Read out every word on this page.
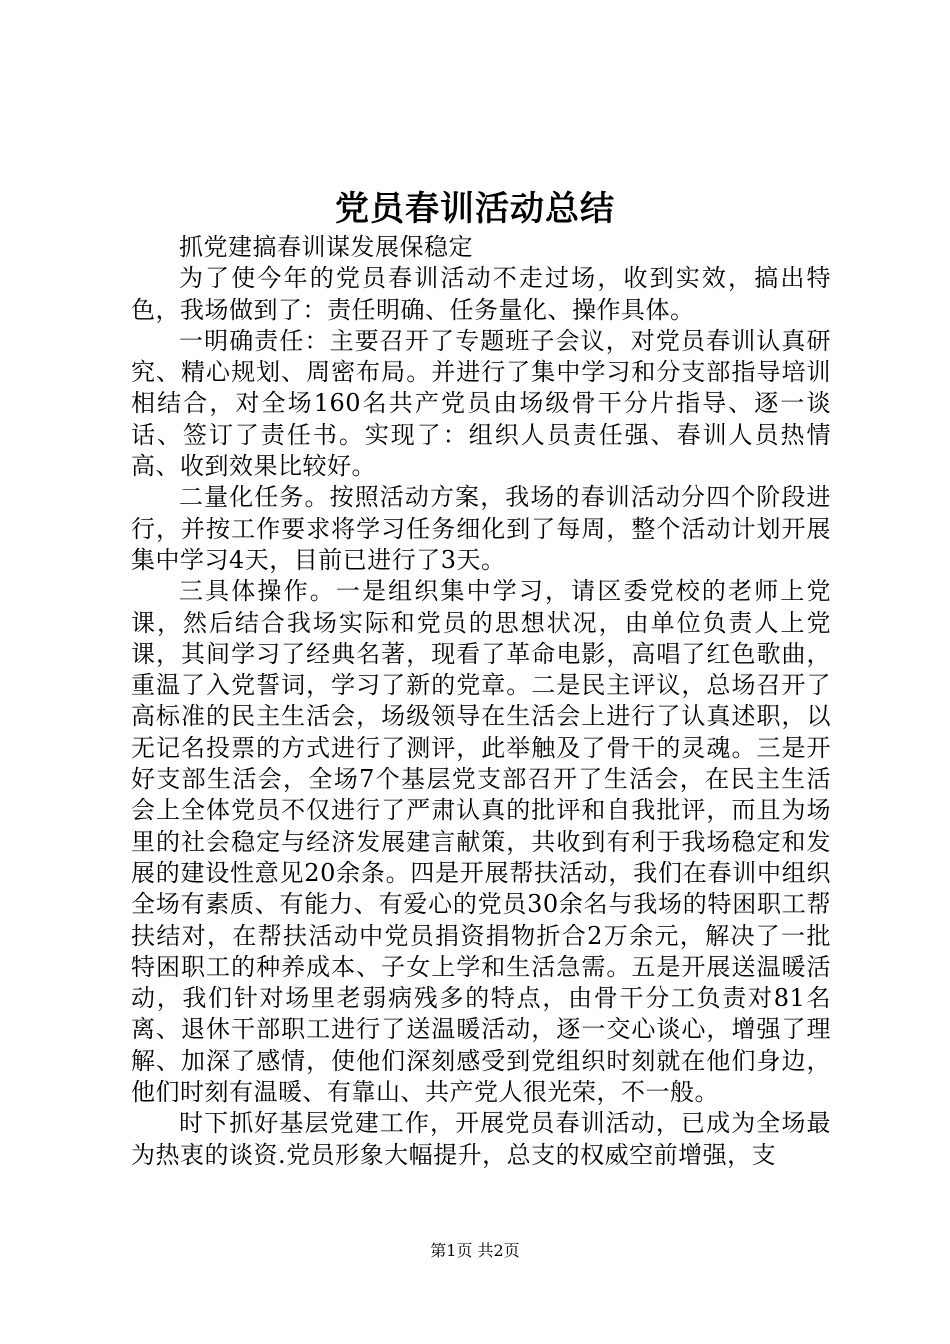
党员春训活动总结

抓党建搞春训谋发展保稳定

为了使今年的党员春训活动不走过场，收到实效，搞出特色，我场做到了：责任明确、任务量化、操作具体。

一明确责任：主要召开了专题班子会议，对党员春训认真研究、精心规划、周密布局。并进行了集中学习和分支部指导培训相结合，对全场160名共产党员由场级骨干分片指导、逐一谈话、签订了责任书。实现了：组织人员责任强、春训人员热情高、收到效果比较好。

二量化任务。按照活动方案，我场的春训活动分四个阶段进行，并按工作要求将学习任务细化到了每周，整个活动计划开展集中学习4天，目前已进行了3天。

三具体操作。一是组织集中学习，请区委党校的老师上党课，然后结合我场实际和党员的思想状况，由单位负责人上党课，其间学习了经典名著，现看了革命电影，高唱了红色歌曲，重温了入党誓词，学习了新的党章。二是民主评议，总场召开了高标准的民主生活会，场级领导在生活会上进行了认真述职，以无记名投票的方式进行了测评，此举触及了骨干的灵魂。三是开好支部生活会，全场7个基层党支部召开了生活会，在民主生活会上全体党员不仅进行了严肃认真的批评和自我批评，而且为场里的社会稳定与经济发展建言献策，共收到有利于我场稳定和发展的建设性意见20余条。四是开展帮扶活动，我们在春训中组织全场有素质、有能力、有爱心的党员30余名与我场的特困职工帮扶结对，在帮扶活动中党员捐资捐物折合2万余元，解决了一批特困职工的种养成本、子女上学和生活急需。五是开展送温暖活动，我们针对场里老弱病残多的特点，由骨干分工负责对81名离、退休干部职工进行了送温暖活动，逐一交心谈心，增强了理解、加深了感情，使他们深刻感受到党组织时刻就在他们身边，他们时刻有温暖、有靠山、共产党人很光荣，不一般。

时下抓好基层党建工作，开展党员春训活动，已成为全场最为热衷的谈资.党员形象大幅提升，总支的权威空前增强，支

第1页 共2页
